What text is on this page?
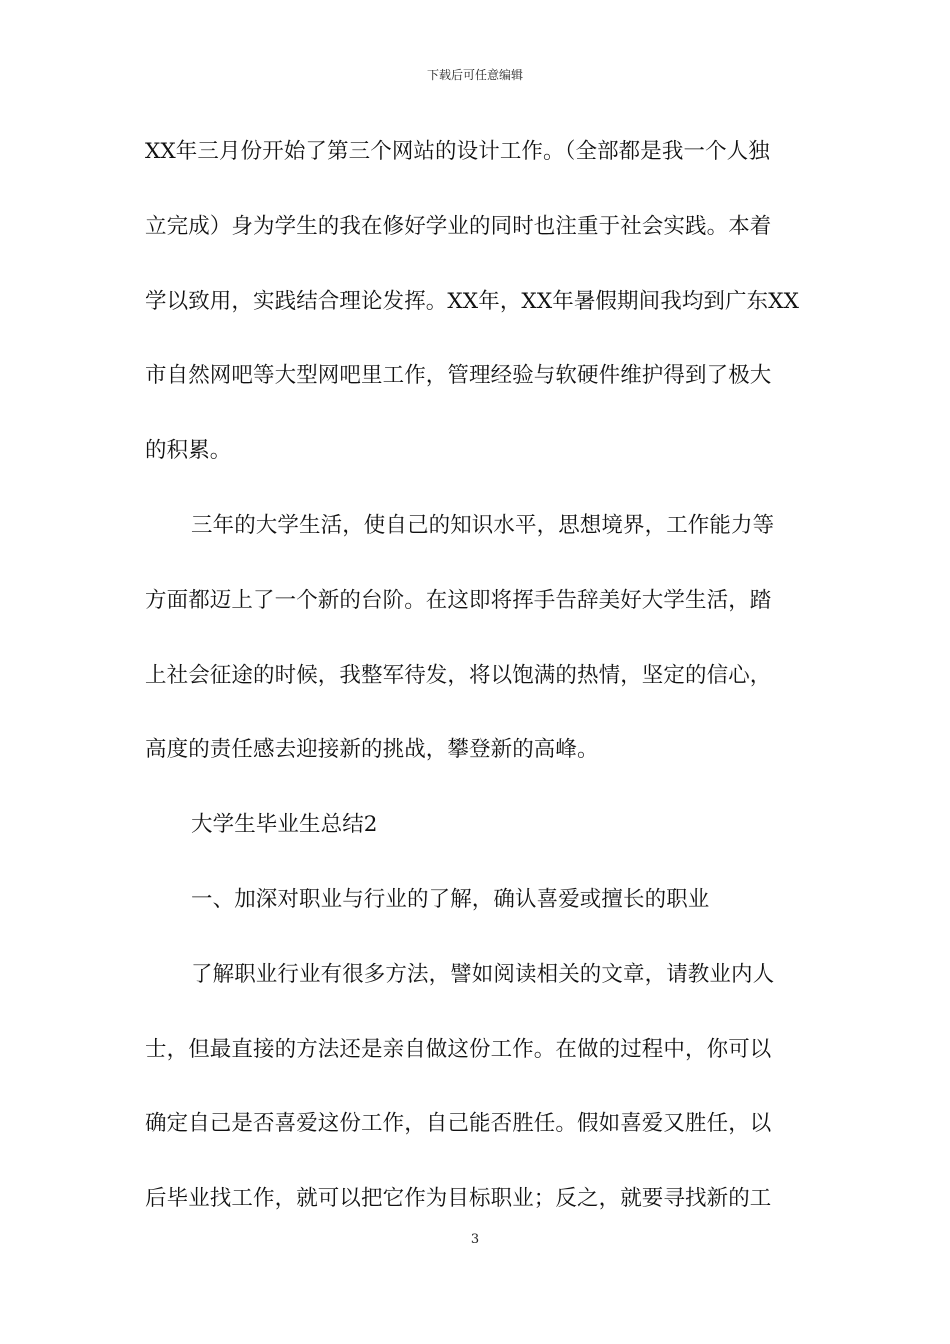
下载后可任意编辑
XX年三月份开始了第三个网站的设计工作。（全部都是我一个人独
立完成）身为学生的我在修好学业的同时也注重于社会实践。本着
学以致用，实践结合理论发挥。XX年，XX年暑假期间我均到广东XX
市自然网吧等大型网吧里工作，管理经验与软硬件维护得到了极大
的积累。
三年的大学生活，使自己的知识水平，思想境界，工作能力等
方面都迈上了一个新的台阶。在这即将挥手告辞美好大学生活，踏
上社会征途的时候，我整军待发，将以饱满的热情，坚定的信心，
高度的责任感去迎接新的挑战，攀登新的高峰。
大学生毕业生总结2
一、加深对职业与行业的了解，确认喜爱或擅长的职业
了解职业行业有很多方法，譬如阅读相关的文章，请教业内人
士，但最直接的方法还是亲自做这份工作。在做的过程中，你可以
确定自己是否喜爱这份工作，自己能否胜任。假如喜爱又胜任，以
后毕业找工作，就可以把它作为目标职业；反之，就要寻找新的工
3
